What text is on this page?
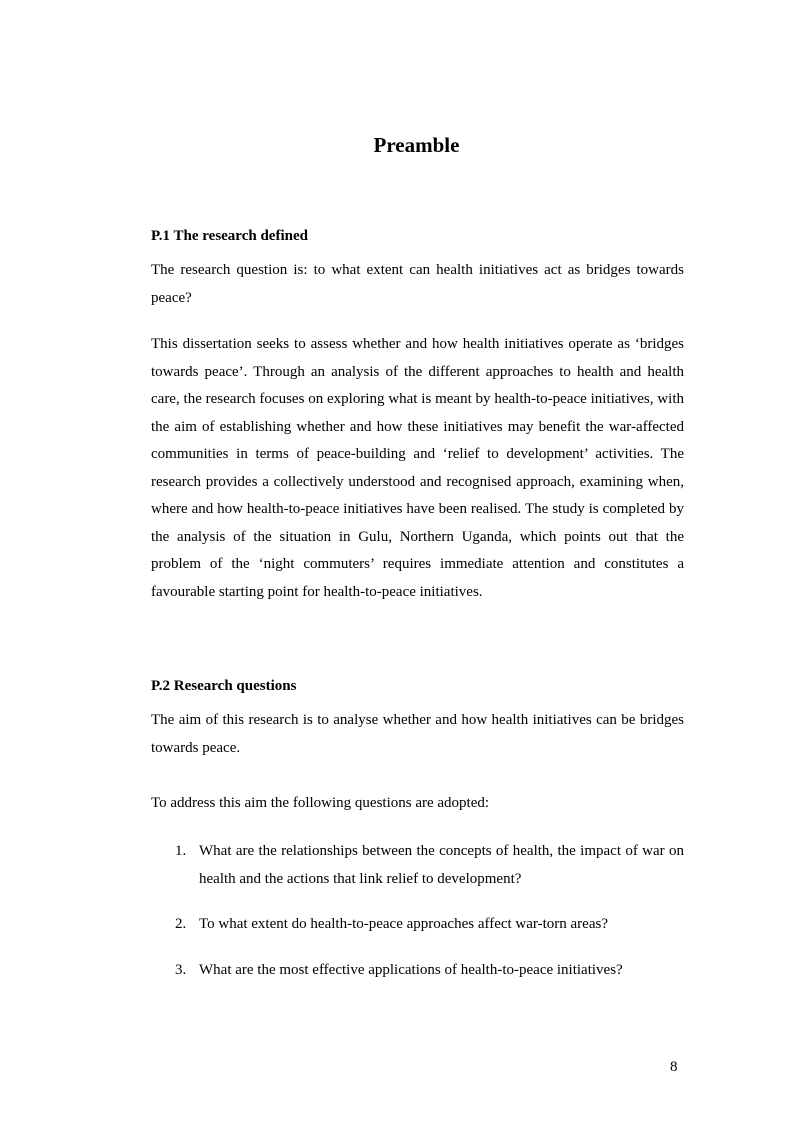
Preamble
P.1 The research defined

The research question is: to what extent can health initiatives act as bridges towards peace?

This dissertation seeks to assess whether and how health initiatives operate as ‘bridges towards peace’. Through an analysis of the different approaches to health and health care, the research focuses on exploring what is meant by health-to-peace initiatives, with the aim of establishing whether and how these initiatives may benefit the war-affected communities in terms of peace-building and ‘relief to development’ activities. The research provides a collectively understood and recognised approach, examining when, where and how health-to-peace initiatives have been realised. The study is completed by the analysis of the situation in Gulu, Northern Uganda, which points out that the problem of the ‘night commuters’ requires immediate attention and constitutes a favourable starting point for health-to-peace initiatives.

P.2 Research questions

The aim of this research is to analyse whether and how health initiatives can be bridges towards peace.

To address this aim the following questions are adopted:

1. What are the relationships between the concepts of health, the impact of war on health and the actions that link relief to development?
2. To what extent do health-to-peace approaches affect war-torn areas?
3. What are the most effective applications of health-to-peace initiatives?
8
